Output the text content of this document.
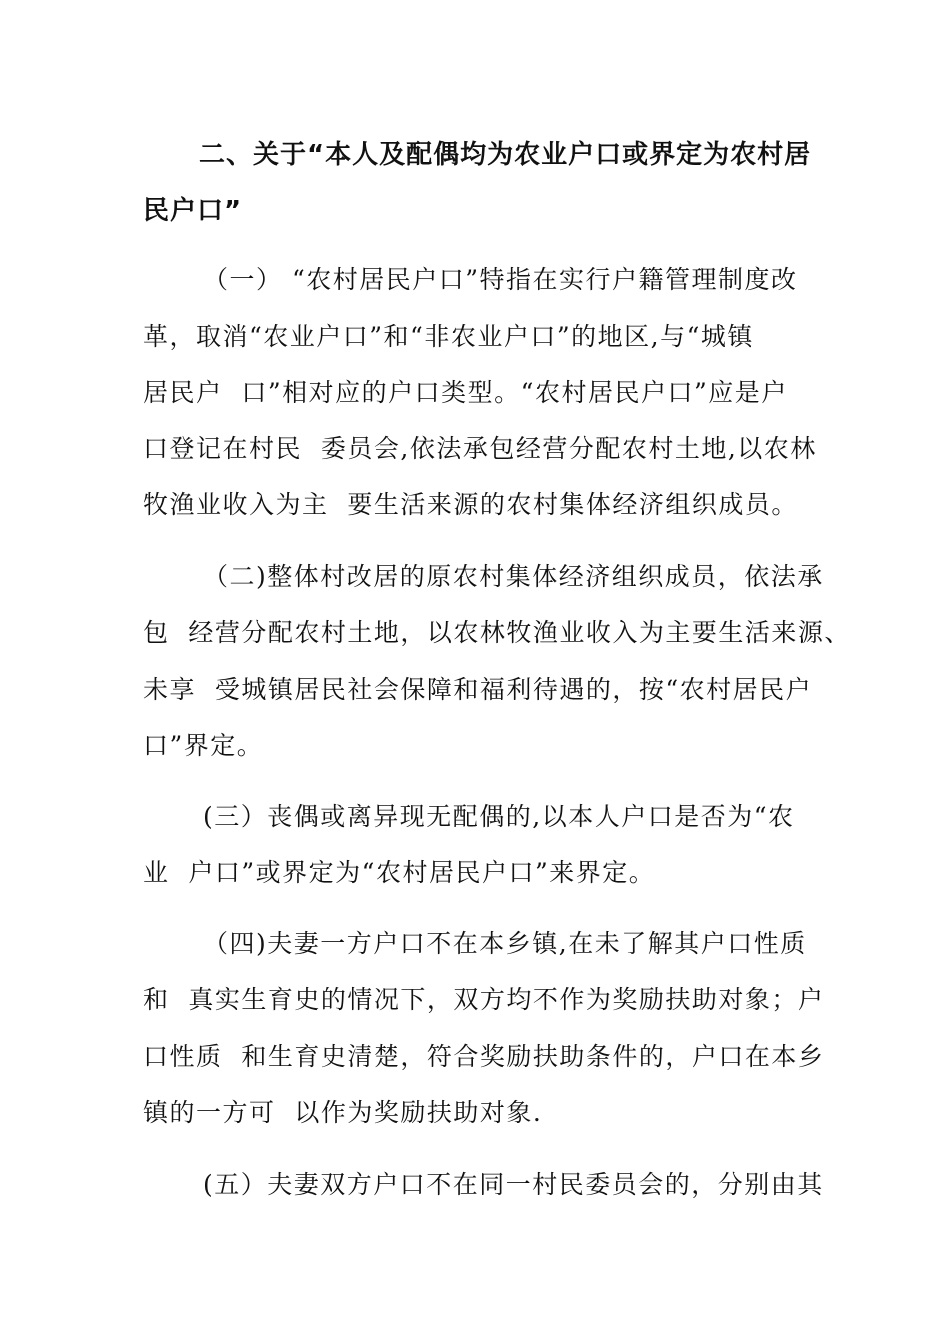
二、关于“本人及配偶均为农业户口或界定为农村居
民户口”
（一） “农村居民户口”特指在实行户籍管理制度改
革，取消“农业户口”和“非农业户口”的地区,与“城镇
居民户  口”相对应的户口类型。“农村居民户口”应是户
口登记在村民  委员会,依法承包经营分配农村土地,以农林
牧渔业收入为主  要生活来源的农村集体经济组织成员。
（二)整体村改居的原农村集体经济组织成员，依法承
包  经营分配农村土地，以农林牧渔业收入为主要生活来源、
未享  受城镇居民社会保障和福利待遇的，按“农村居民户
口”界定。
(三）丧偶或离异现无配偶的,以本人户口是否为“农
业  户口”或界定为“农村居民户口”来界定。
（四)夫妻一方户口不在本乡镇,在未了解其户口性质
和  真实生育史的情况下，双方均不作为奖励扶助对象；户
口性质  和生育史清楚，符合奖励扶助条件的，户口在本乡
镇的一方可  以作为奖励扶助对象.
(五）夫妻双方户口不在同一村民委员会的，分别由其
